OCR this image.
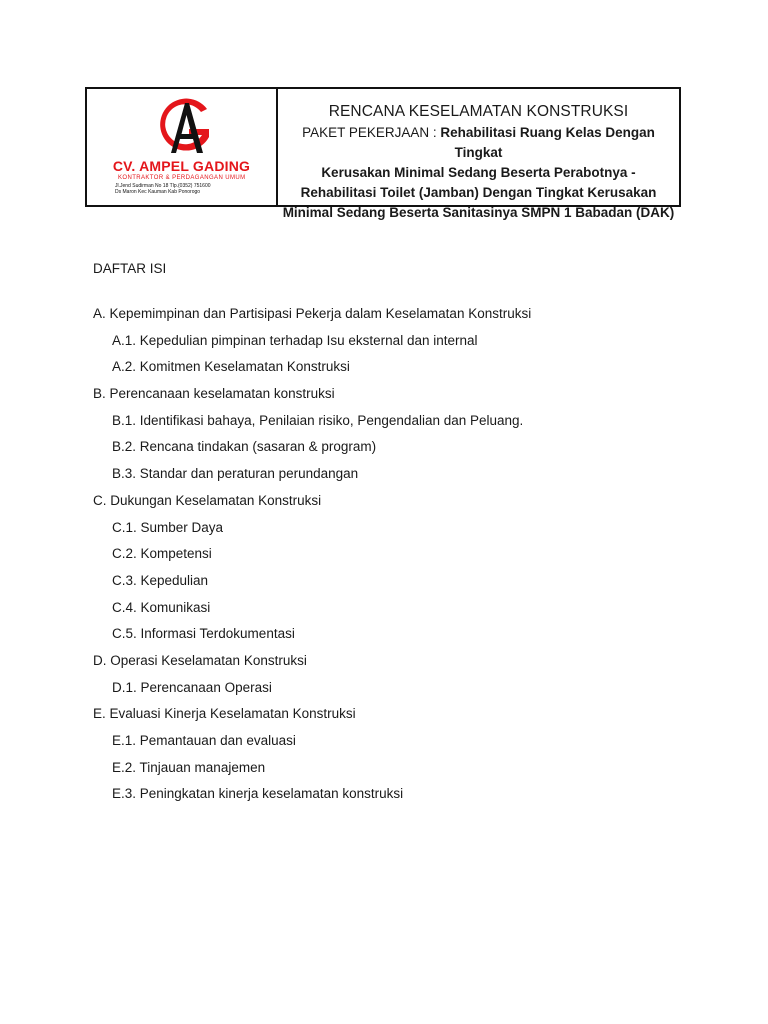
CV. AMPEL GADING
KONTRAKTOR & PERDAGANGAN UMUM
Jl.Jend Sudirman No 18 Tlp.(0352) 751600
Ds Maron Kec Kauman Kab Ponorogo
RENCANA KESELAMATAN KONSTRUKSI
PAKET PEKERJAAN : Rehabilitasi Ruang Kelas Dengan Tingkat
Kerusakan Minimal Sedang Beserta Perabotnya -
Rehabilitasi Toilet (Jamban) Dengan Tingkat Kerusakan
Minimal Sedang Beserta Sanitasinya SMPN 1 Babadan (DAK)
DAFTAR ISI
A. Kepemimpinan dan Partisipasi Pekerja dalam Keselamatan Konstruksi
A.1. Kepedulian pimpinan terhadap Isu eksternal dan internal
A.2. Komitmen Keselamatan Konstruksi
B. Perencanaan keselamatan konstruksi
B.1. Identifikasi bahaya, Penilaian risiko, Pengendalian dan Peluang.
B.2. Rencana tindakan (sasaran & program)
B.3. Standar dan peraturan perundangan
C. Dukungan Keselamatan Konstruksi
C.1. Sumber Daya
C.2. Kompetensi
C.3. Kepedulian
C.4. Komunikasi
C.5. Informasi Terdokumentasi
D. Operasi Keselamatan Konstruksi
D.1. Perencanaan Operasi
E. Evaluasi Kinerja Keselamatan Konstruksi
E.1. Pemantauan dan evaluasi
E.2. Tinjauan manajemen
E.3. Peningkatan kinerja keselamatan konstruksi
